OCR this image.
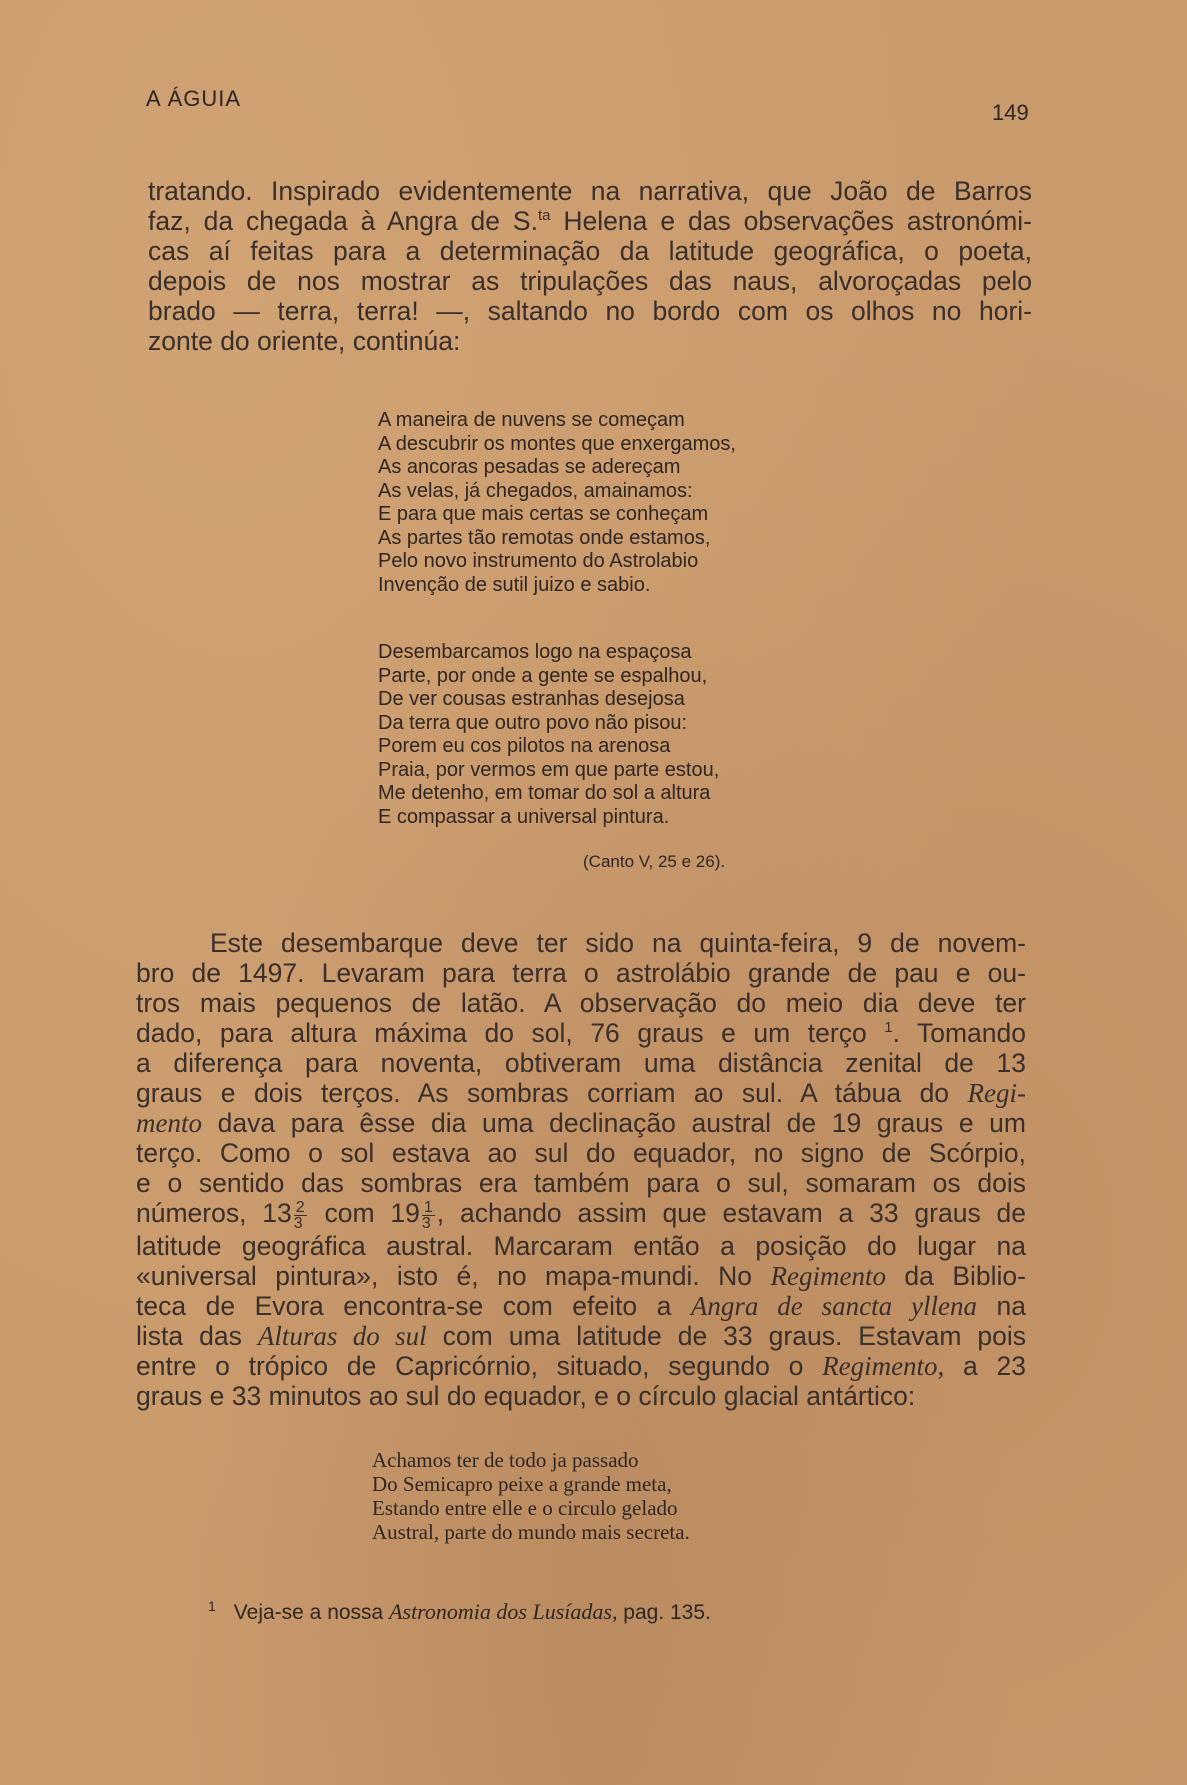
A ÁGUIA
149
tratando. Inspirado evidentemente na narrativa, que João de Barros
faz, da chegada à Angra de S.$^{ta}$ Helena e das observações astronómi-
cas aí feitas para a determinação da latitude geográfica, o poeta,
depois de nos mostrar as tripulações das naus, alvoroçadas pelo
brado — terra, terra! —, saltando no bordo com os olhos no hori-
zonte do oriente, continúa:
A maneira de nuvens se começam
A descubrir os montes que enxergamos,
As ancoras pesadas se adereçam
As velas, já chegados, amainamos:
E para que mais certas se conheçam
As partes tão remotas onde estamos,
Pelo novo instrumento do Astrolabio
Invenção de sutil juizo e sabio.
Desembarcamos logo na espaçosa
Parte, por onde a gente se espalhou,
De ver cousas estranhas desejosa
Da terra que outro povo não pisou:
Porem eu cos pilotos na arenosa
Praia, por vermos em que parte estou,
Me detenho, em tomar do sol a altura
E compassar a universal pintura.
(Canto V, 25 e 26).
Este desembarque deve ter sido na quinta-feira, 9 de novem-
bro de 1497. Levaram para terra o astrolábio grande de pau e ou-
tros mais pequenos de latão. A observação do meio dia deve ter
dado, para altura máxima do sol, 76 graus e um terço $^1$. Tomando
a diferença para noventa, obtiveram uma distância zenital de 13
graus e dois terços. As sombras corriam ao sul. A tábua do Regi-
mento dava para êsse dia uma declinação austral de 19 graus e um
terço. Como o sol estava ao sul do equador, no signo de Scórpio,
e o sentido das sombras era também para o sul, somaram os dois
números, $13 \frac{2}{3}$ com $19 \frac{1}{3}$ , achando assim que estavam a 33 graus de
latitude geográfica austral. Marcaram então a posição do lugar na
«universal pintura», isto é, no mapa-mundi. No Regimento da Biblio-
teca de Evora encontra-se com efeito a Angra de sancta yllena na
lista das Alturas do sul com uma latitude de 33 graus. Estavam pois
entre o trópico de Capricórnio, situado, segundo o Regimento, a 23
graus e 33 minutos ao sul do equador, e o círculo glacial antártico:
Achamos ter de todo ja passado
Do Semicapro peixe a grande meta,
Estando entre elle e o circulo gelado
Austral, parte do mundo mais secreta.
$^1$ Veja-se a nossa Astronomia dos Lusíadas, pag. 135.
